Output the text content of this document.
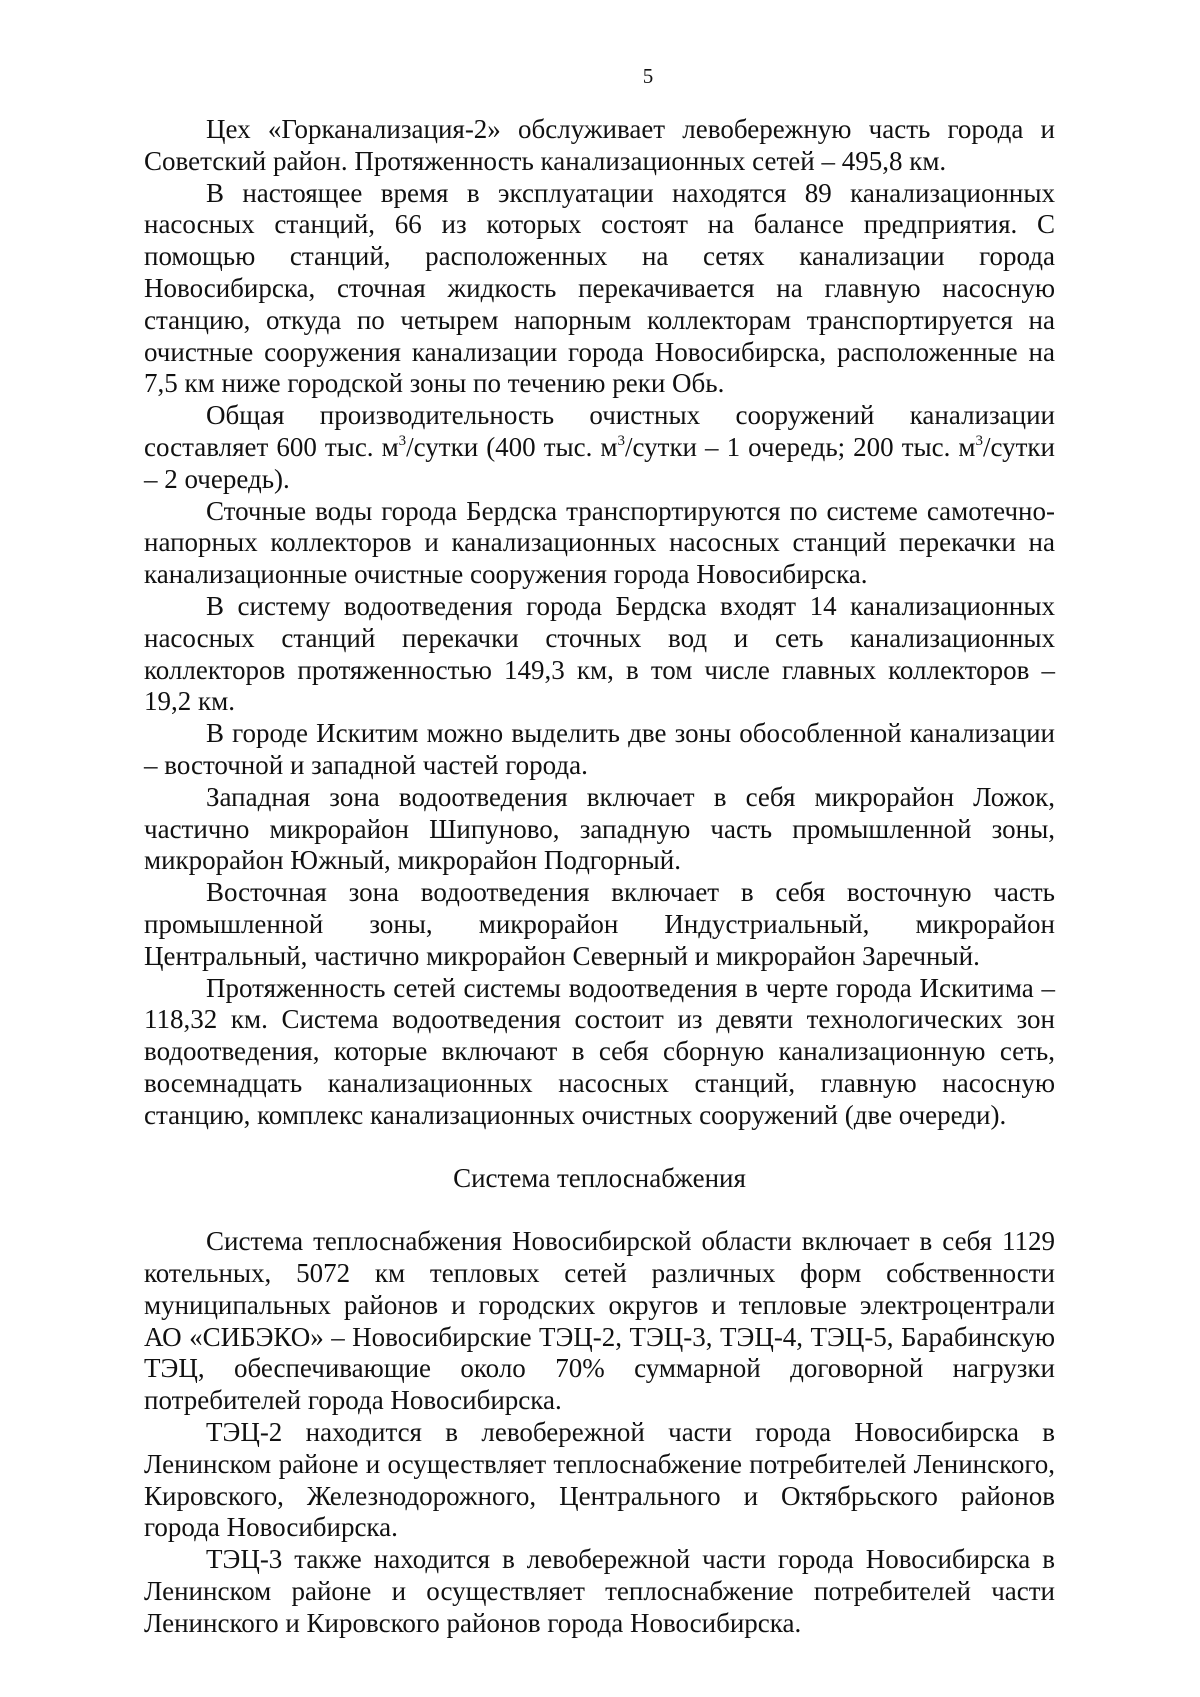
5

Цех «Горканализация-2» обслуживает левобережную часть города и Советский район. Протяженность канализационных сетей – 495,8 км.

В настоящее время в эксплуатации находятся 89 канализационных насосных станций, 66 из которых состоят на балансе предприятия. С помощью станций, расположенных на сетях канализации города Новосибирска, сточная жидкость перекачивается на главную насосную станцию, откуда по четырем напорным коллекторам транспортируется на очистные сооружения канализации города Новосибирска, расположенные на 7,5 км ниже городской зоны по течению реки Обь.

Общая производительность очистных сооружений канализации составляет 600 тыс. $м^3$/сутки (400 тыс. $м^3$/сутки – 1 очередь; 200 тыс. $м^3$/сутки – 2 очередь).

Сточные воды города Бердска транспортируются по системе самотечно-напорных коллекторов и канализационных насосных станций перекачки на канализационные очистные сооружения города Новосибирска.

В систему водоотведения города Бердска входят 14 канализационных насосных станций перекачки сточных вод и сеть канализационных коллекторов протяженностью 149,3 км, в том числе главных коллекторов – 19,2 км.

В городе Искитим можно выделить две зоны обособленной канализации – восточной и западной частей города.

Западная зона водоотведения включает в себя микрорайон Ложок, частично микрорайон Шипуново, западную часть промышленной зоны, микрорайон Южный, микрорайон Подгорный.

Восточная зона водоотведения включает в себя восточную часть промышленной зоны, микрорайон Индустриальный, микрорайон Центральный, частично микрорайон Северный и микрорайон Заречный.

Протяженность сетей системы водоотведения в черте города Искитима – 118,32 км. Система водоотведения состоит из девяти технологических зон водоотведения, которые включают в себя сборную канализационную сеть, восемнадцать канализационных насосных станций, главную насосную станцию, комплекс канализационных очистных сооружений (две очереди).

Система теплоснабжения

Система теплоснабжения Новосибирской области включает в себя 1129 котельных, 5072 км тепловых сетей различных форм собственности муниципальных районов и городских округов и тепловые электроцентрали АО «СИБЭКО» – Новосибирские ТЭЦ-2, ТЭЦ-3, ТЭЦ-4, ТЭЦ-5, Барабинскую ТЭЦ, обеспечивающие около 70% суммарной договорной нагрузки потребителей города Новосибирска.

ТЭЦ-2 находится в левобережной части города Новосибирска в Ленинском районе и осуществляет теплоснабжение потребителей Ленинского, Кировского, Железнодорожного, Центрального и Октябрьского районов города Новосибирска.

ТЭЦ-3 также находится в левобережной части города Новосибирска в Ленинском районе и осуществляет теплоснабжение потребителей части Ленинского и Кировского районов города Новосибирска.
